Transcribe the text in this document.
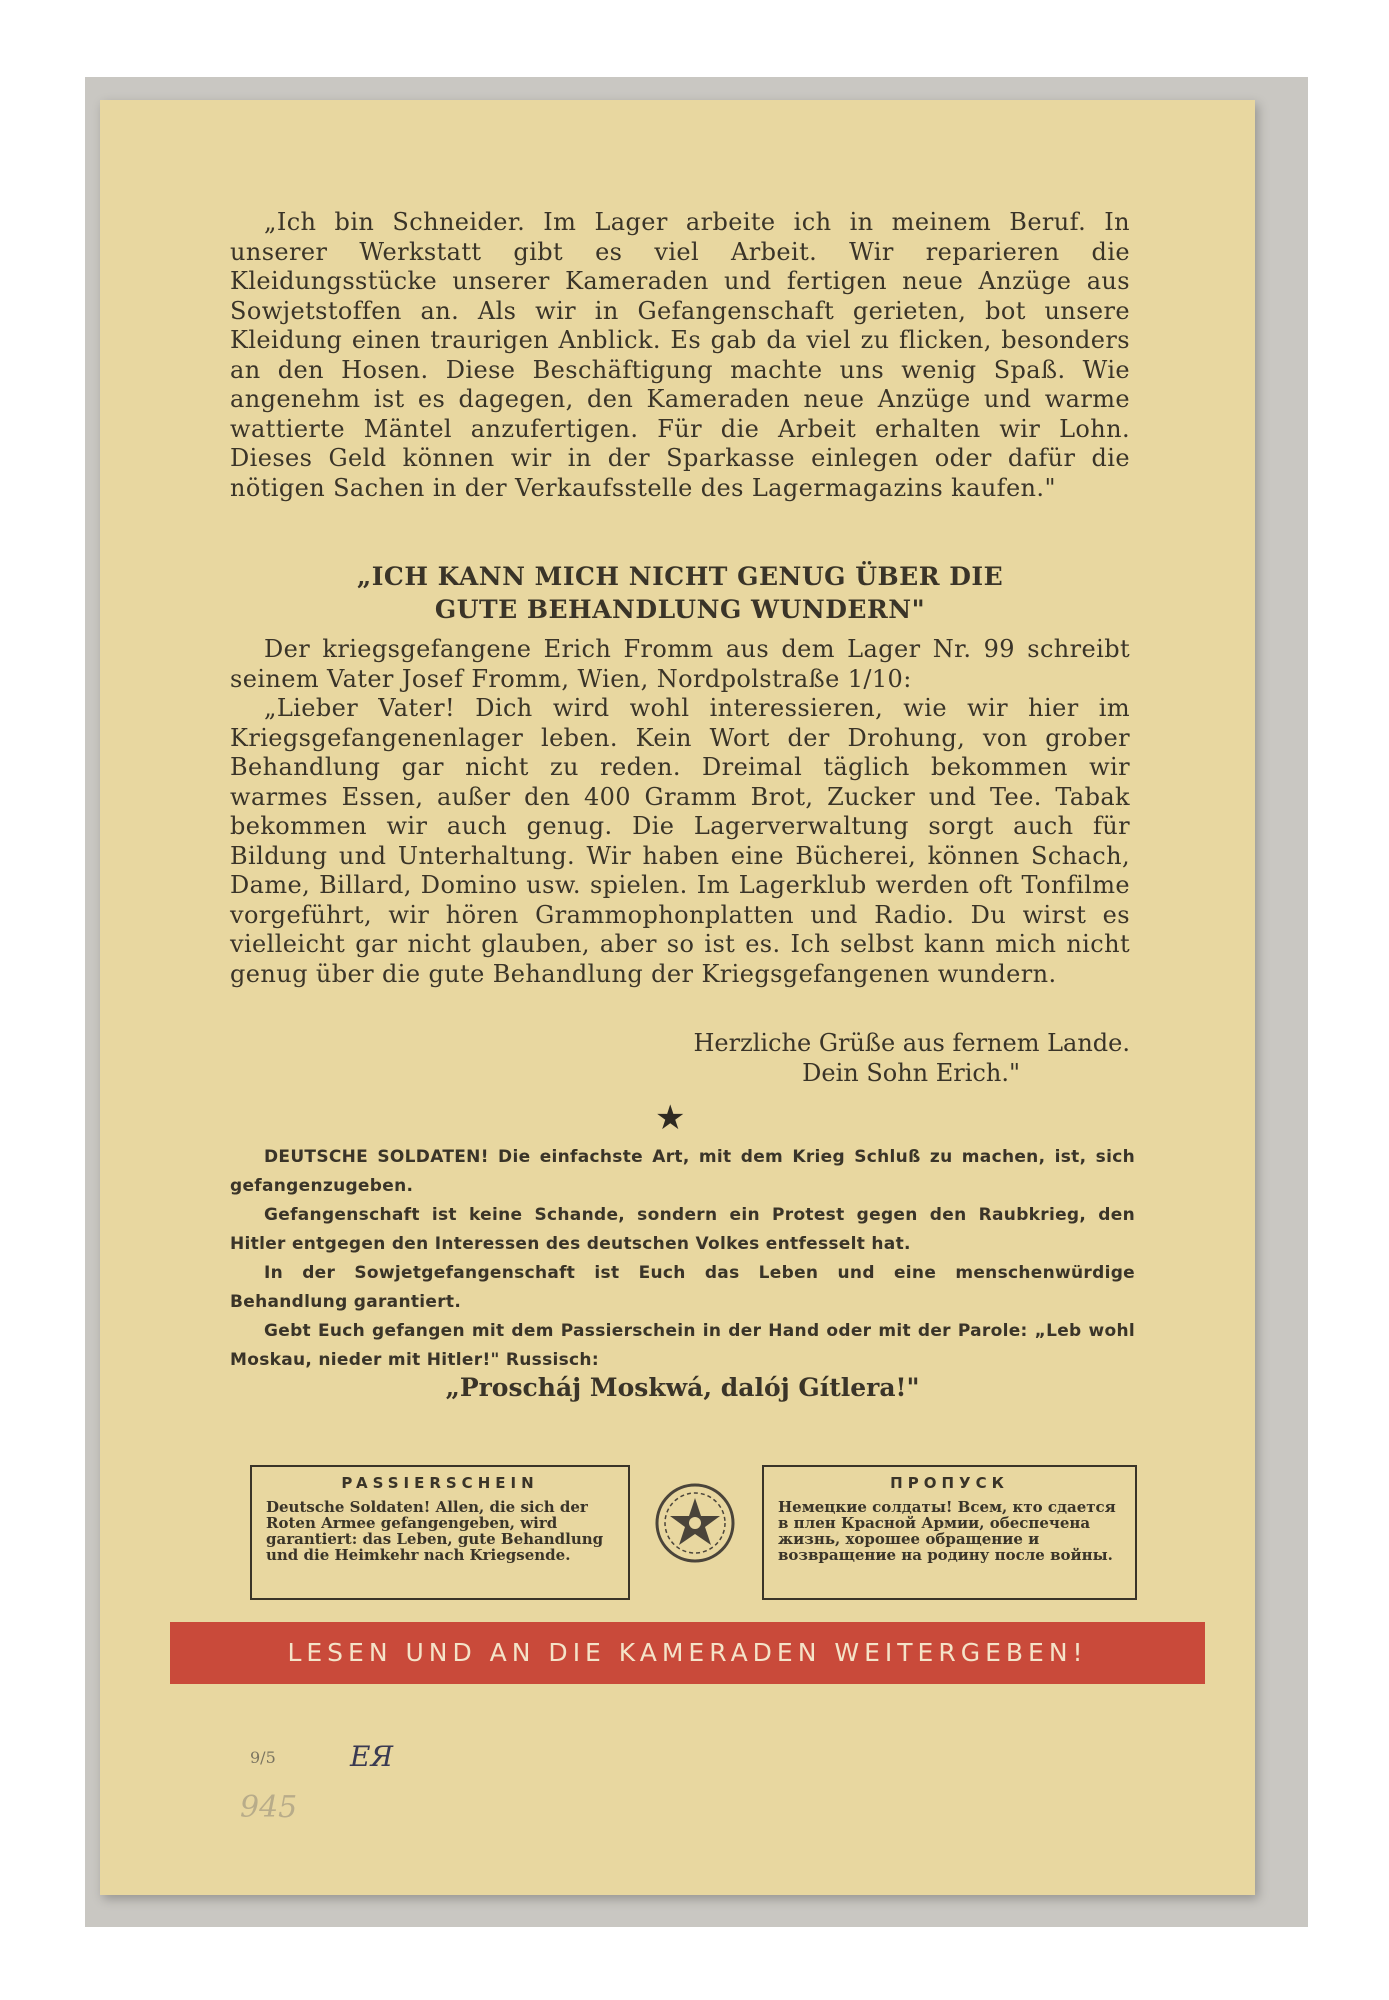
„Ich bin Schneider. Im Lager arbeite ich in meinem Beruf. In unserer Werkstatt gibt es viel Arbeit. Wir reparieren die Kleidungsstücke unserer Kameraden und fertigen neue Anzüge aus Sowjetstoffen an. Als wir in Gefangenschaft gerieten, bot unsere Kleidung einen traurigen Anblick. Es gab da viel zu flicken, besonders an den Hosen. Diese Beschäftigung machte uns wenig Spaß. Wie angenehm ist es dagegen, den Kameraden neue Anzüge und warme wattierte Mäntel anzufertigen. Für die Arbeit erhalten wir Lohn. Dieses Geld können wir in der Sparkasse einlegen oder dafür die nötigen Sachen in der Verkaufsstelle des Lagermagazins kaufen."

„ICH KANN MICH NICHT GENUG ÜBER DIE
GUTE BEHANDLUNG WUNDERN"

Der kriegsgefangene Erich Fromm aus dem Lager Nr. 99 schreibt seinem Vater Josef Fromm, Wien, Nordpolstraße 1/10:

„Lieber Vater! Dich wird wohl interessieren, wie wir hier im Kriegsgefangenenlager leben. Kein Wort der Drohung, von grober Behandlung gar nicht zu reden. Dreimal täglich bekommen wir warmes Essen, außer den 400 Gramm Brot, Zucker und Tee. Tabak bekommen wir auch genug. Die Lagerverwaltung sorgt auch für Bildung und Unterhaltung. Wir haben eine Bücherei, können Schach, Dame, Billard, Domino usw. spielen. Im Lagerklub werden oft Tonfilme vorgeführt, wir hören Grammophonplatten und Radio. Du wirst es vielleicht gar nicht glauben, aber so ist es. Ich selbst kann mich nicht genug über die gute Behandlung der Kriegsgefangenen wundern.

Herzliche Grüße aus fernem Lande.
Dein Sohn Erich."
★

DEUTSCHE SOLDATEN! Die einfachste Art, mit dem Krieg Schluß zu machen, ist, sich gefangenzugeben.

Gefangenschaft ist keine Schande, sondern ein Protest gegen den Raubkrieg, den Hitler entgegen den Interessen des deutschen Volkes entfesselt hat.

In der Sowjetgefangenschaft ist Euch das Leben und eine menschenwürdige Behandlung garantiert.

Gebt Euch gefangen mit dem Passierschein in der Hand oder mit der Parole: „Leb wohl Moskau, nieder mit Hitler!" Russisch:

„Prosсháj Moskwá, dalój Gítlera!"
PASSIERSCHEIN

Deutsche Soldaten! Allen, die sich der Roten Armee gefangengeben, wird garantiert: das Leben, gute Behandlung und die Heimkehr nach Kriegsende.

ПРОПУСК

Немецкие солдаты! Всем, кто сдается в плен Красной Армии, обеспечена жизнь, хорошее обращение и возвращение на родину после войны.

LESEN UND AN DIE KAMERADEN WEITERGEBEN!
9/5	ЕЯ
945
